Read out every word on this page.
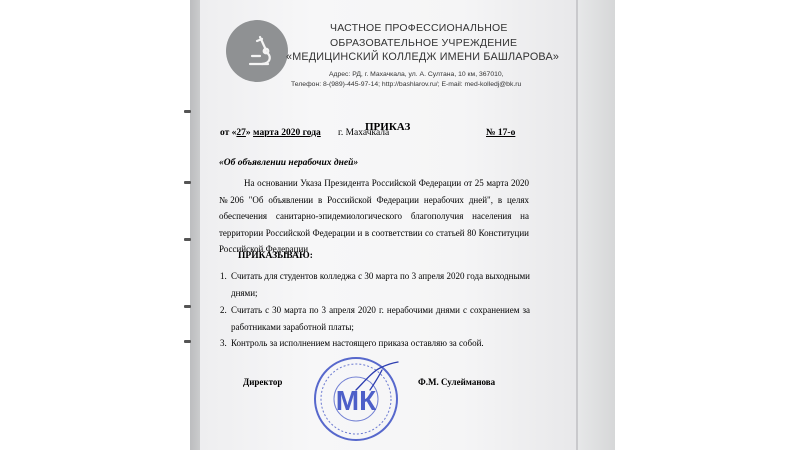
ЧАСТНОЕ ПРОФЕССИОНАЛЬНОЕ
ОБРАЗОВАТЕЛЬНОЕ УЧРЕЖДЕНИЕ
«МЕДИЦИНСКИЙ КОЛЛЕДЖ ИМЕНИ БАШЛАРОВА»
Адрес: РД, г. Махачкала, ул. А. Султана, 10 км, 367010,
Телефон: 8-(989)-445-97-14; http://bashlarov.ru/; E-mail: med-kolledj@bk.ru
ПРИКАЗ
от «27» марта 2020 года г. Махачкала	№ 17-о
«Об объявлении нерабочих дней»
На основании Указа Президента Российской Федерации от 25 марта 2020 №206 "Об объявлении в Российской Федерации нерабочих дней", в целях обеспечения санитарно-эпидемиологического благополучия населения на территории Российской Федерации и в соответствии со статьей 80 Конституции Российской Федерации
ПРИКАЗЫВАЮ:
1. Считать для студентов колледжа с 30 марта по 3 апреля 2020 года выходными днями;
2. Считать с 30 марта по 3 апреля 2020 г. нерабочими днями с сохранением за работниками заработной платы;
3. Контроль за исполнением настоящего приказа оставляю за собой.
Директор	Ф.М. Сулейманова
МК
